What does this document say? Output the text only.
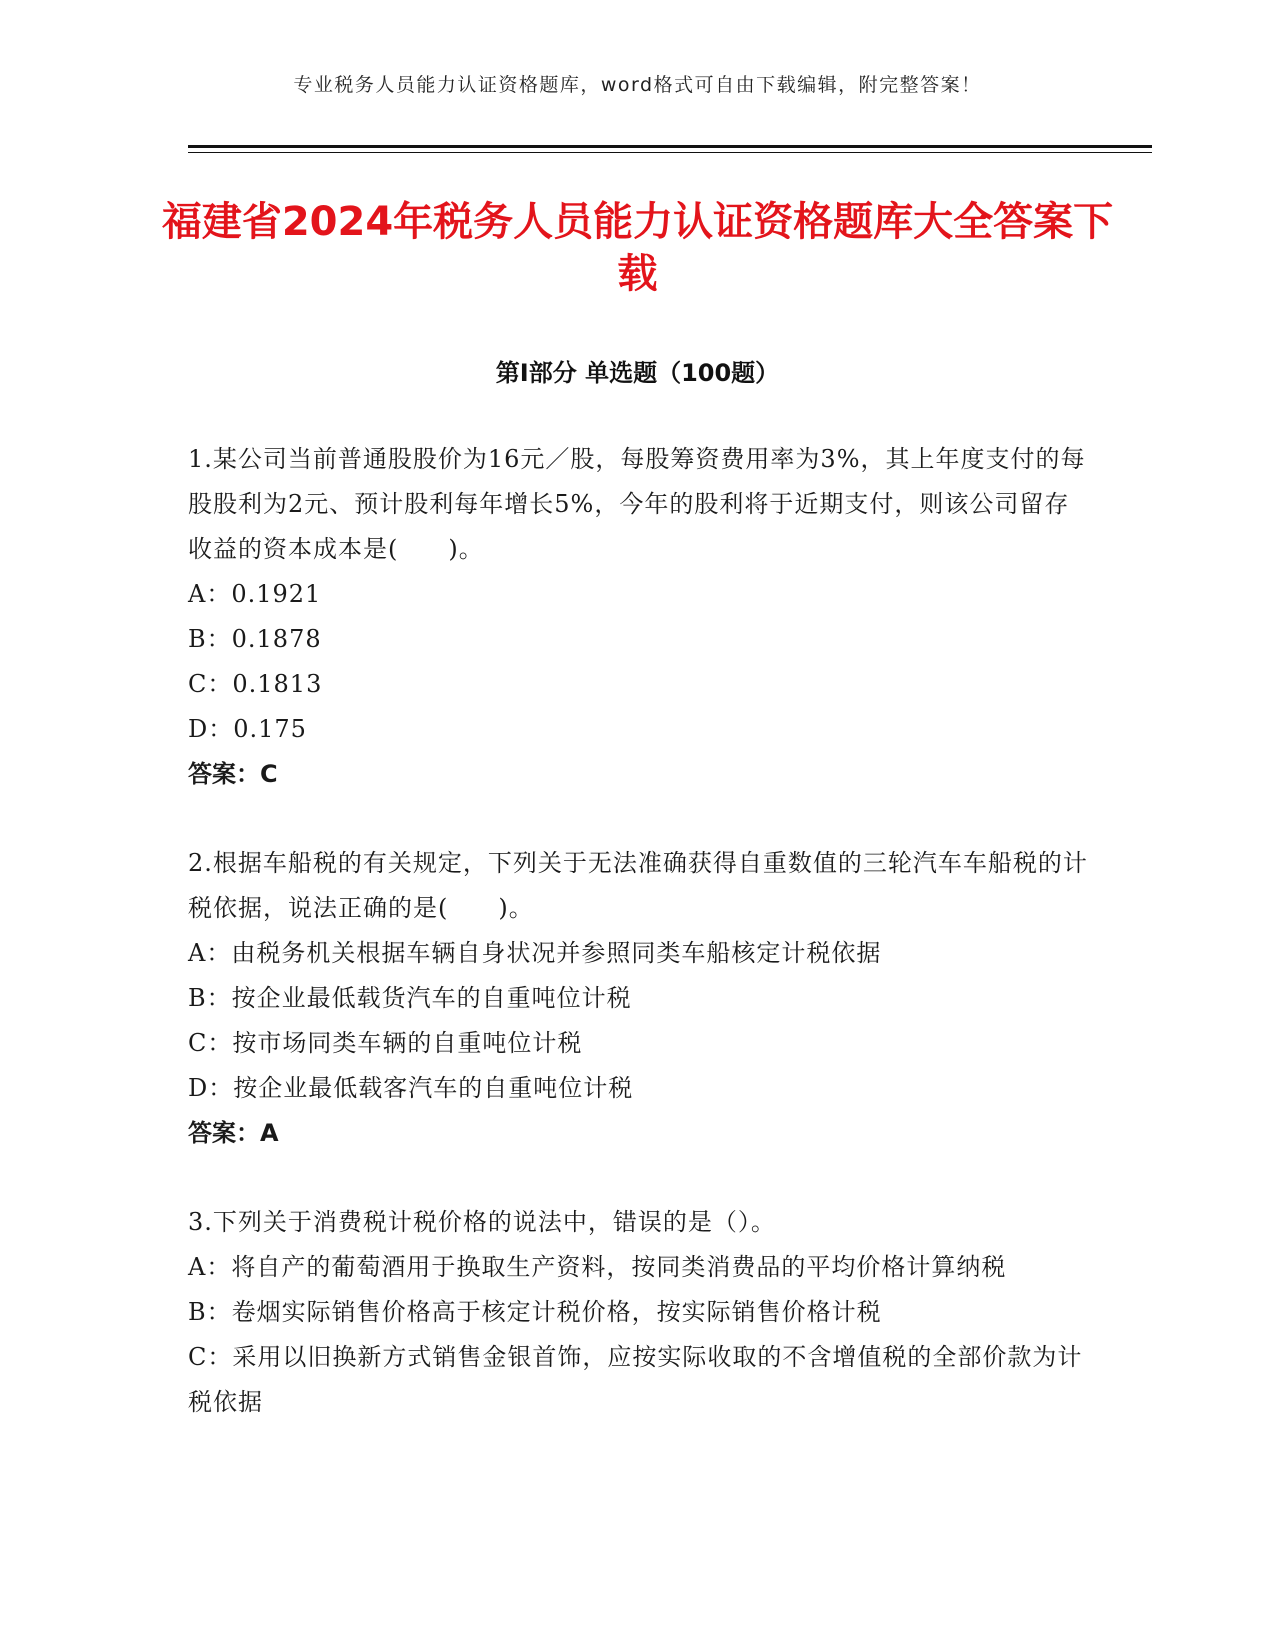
专业税务人员能力认证资格题库，word格式可自由下载编辑，附完整答案！
福建省2024年税务人员能力认证资格题库大全答案下载
第Ⅰ部分 单选题（100题）

1.某公司当前普通股股价为16元／股，每股筹资费用率为3%，其上年度支付的每股股利为2元、预计股利每年增长5%，今年的股利将于近期支付，则该公司留存收益的资本成本是(　　)。

A：0.1921

B：0.1878

C：0.1813

D：0.175

答案：C

2.根据车船税的有关规定，下列关于无法准确获得自重数值的三轮汽车车船税的计税依据，说法正确的是(　　)。

A：由税务机关根据车辆自身状况并参照同类车船核定计税依据

B：按企业最低载货汽车的自重吨位计税

C：按市场同类车辆的自重吨位计税

D：按企业最低载客汽车的自重吨位计税

答案：A

3.下列关于消费税计税价格的说法中，错误的是（）。

A：将自产的葡萄酒用于换取生产资料，按同类消费品的平均价格计算纳税

B：卷烟实际销售价格高于核定计税价格，按实际销售价格计税

C：采用以旧换新方式销售金银首饰，应按实际收取的不含增值税的全部价款为计税依据
